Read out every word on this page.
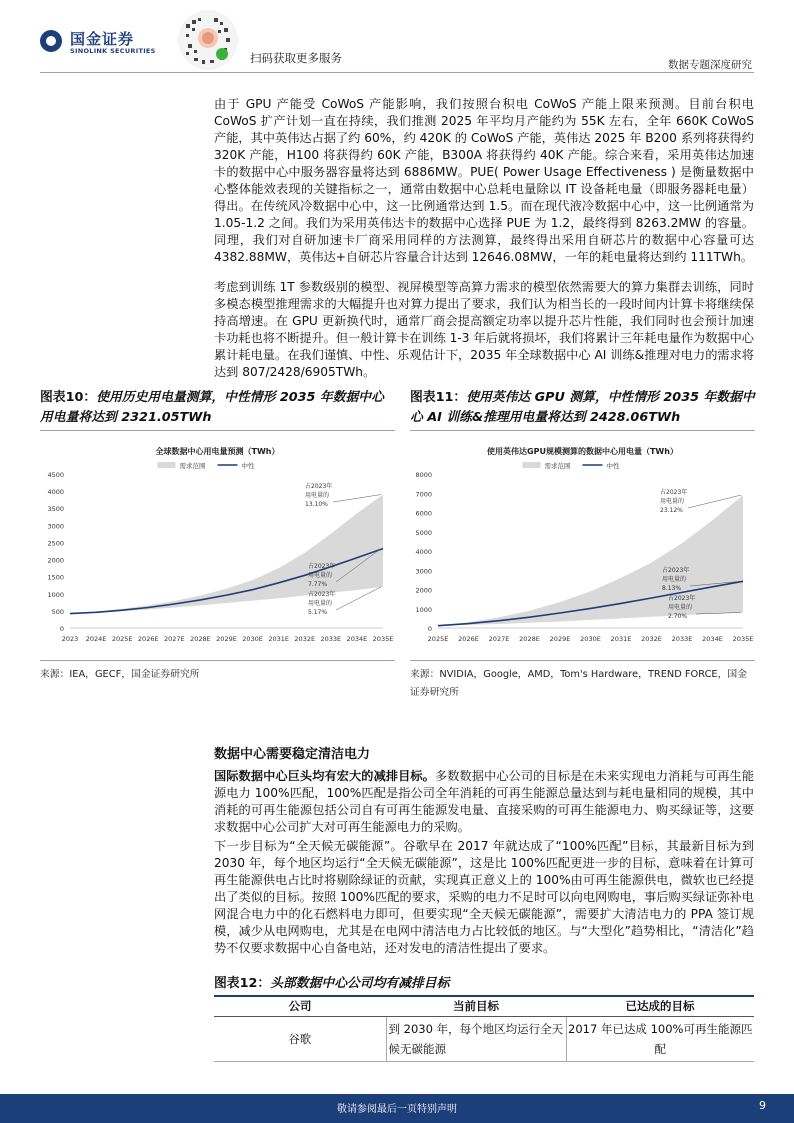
国金证券
SINOLINK SECURITIES	扫码获取更多服务	数据专题深度研究
由于 GPU 产能受 CoWoS 产能影响，我们按照台积电 CoWoS 产能上限来预测。目前台积电 CoWoS 扩产计划一直在持续，我们推测 2025 年平均月产能约为 55K 左右，全年 660K CoWoS 产能，其中英伟达占据了约 60%，约 420K 的 CoWoS 产能，英伟达 2025 年 B200 系列将获得约 320K 产能，H100 将获得约 60K 产能，B300A 将获得约 40K 产能。综合来看，采用英伟达加速卡的数据中心中服务器容量将达到 6886MW。PUE( Power Usage Effectiveness ) 是衡量数据中心整体能效表现的关键指标之一，通常由数据中心总耗电量除以 IT 设备耗电量（即服务器耗电量）得出。在传统风冷数据中心中，这一比例通常达到 1.5。而在现代液冷数据中心中，这一比例通常为 1.05-1.2 之间。我们为采用英伟达卡的数据中心选择 PUE 为 1.2，最终得到 8263.2MW 的容量。同理，我们对自研加速卡厂商采用同样的方法测算，最终得出采用自研芯片的数据中心容量可达 4382.88MW，英伟达+自研芯片容量合计达到 12646.08MW，一年的耗电量将达到约 111TWh。
考虑到训练 1T 参数级别的模型、视屏模型等高算力需求的模型依然需要大的算力集群去训练，同时多模态模型推理需求的大幅提升也对算力提出了要求，我们认为相当长的一段时间内计算卡将继续保持高增速。在 GPU 更新换代时，通常厂商会提高额定功率以提升芯片性能，我们同时也会预计加速卡功耗也将不断提升。但一般计算卡在训练 1-3 年后就将损坏，我们将累计三年耗电量作为数据中心累计耗电量。在我们谨慎、中性、乐观估计下，2035 年全球数据中心 AI 训练&推理对电力的需求将达到 807/2428/6905TWh。
图表10：使用历史用电量测算，中性情形 2035 年数据中心用电量将达到 2321.05TWh
图表11：使用英伟达 GPU 测算，中性情形 2035 年数据中心 AI 训练&推理用电量将达到 2428.06TWh
全球数据中心用电量预测（TWh）
需求范围	中性
0
500
1000
1500
2000
2500
3000
3500
4000
4500
2023 2024E 2025E 2026E 2027E 2028E 2029E 2030E 2031E 2032E 2033E 2034E 2035E
占2023年
用电量的
13.10%
占2023年
用电量的
7.77%
占2023年
用电量的
5.17%
使用英伟达GPU规模测算的数据中心用电量（TWh）
需求范围	中性
0
1000
2000
3000
4000
5000
6000
7000
8000
2025E 2026E 2027E 2028E 2029E 2030E 2031E 2032E 2033E 2034E 2035E
占2023年
用电量的
23.12%
占2023年
用电量的
8.13%
占2023年
用电量的
2.70%
来源：IEA，GECF，国金证券研究所	来源：NVIDIA，Google，AMD，Tom's Hardware，TREND FORCE，国金证券研究所
数据中心需要稳定清洁电力
国际数据中心巨头均有宏大的减排目标。多数数据中心公司的目标是在未来实现电力消耗与可再生能源电力 100%匹配，100%匹配是指公司全年消耗的可再生能源总量达到与耗电量相同的规模，其中消耗的可再生能源包括公司自有可再生能源发电量、直接采购的可再生能源电力、购买绿证等，这要求数据中心公司扩大对可再生能源电力的采购。
下一步目标为“全天候无碳能源”。谷歌早在 2017 年就达成了“100%匹配”目标，其最新目标为到 2030 年，每个地区均运行“全天候无碳能源”，这是比 100%匹配更进一步的目标，意味着在计算可再生能源供电占比时将剔除绿证的贡献，实现真正意义上的 100%由可再生能源供电，微软也已经提出了类似的目标。按照 100%匹配的要求，采购的电力不足时可以向电网购电，事后购买绿证弥补电网混合电力中的化石燃料电力即可，但要实现“全天候无碳能源”，需要扩大清洁电力的 PPA 签订规模，减少从电网购电，尤其是在电网中清洁电力占比较低的地区。与“大型化”趋势相比，“清洁化”趋势不仅要求数据中心自备电站，还对发电的清洁性提出了要求。
图表12：头部数据中心公司均有减排目标
公司	当前目标	已达成的目标
谷歌	到 2030 年，每个地区均运行全天候无碳能源	2017 年已达成 100%可再生能源匹配
敬请参阅最后一页特别声明	9
